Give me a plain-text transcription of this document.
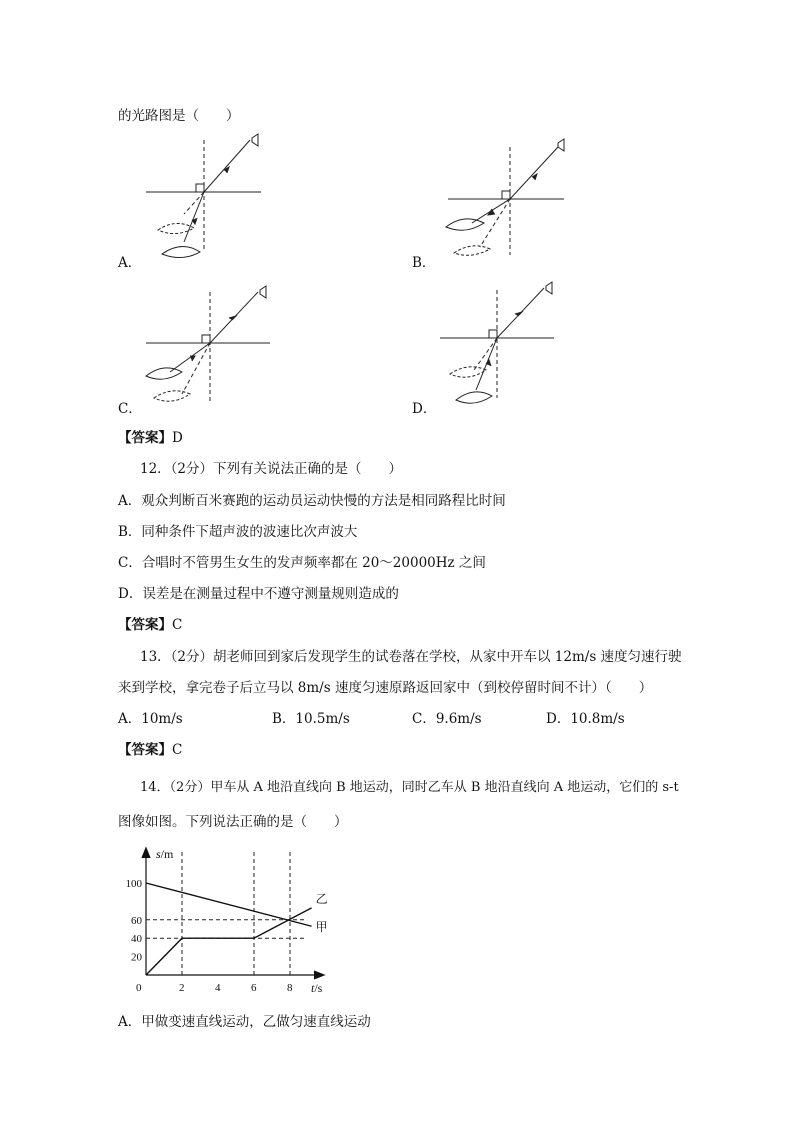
的光路图是（　　）
A．	B．
C．	D．
【答案】D
12．（2分）下列有关说法正确的是（　　）
A．观众判断百米赛跑的运动员运动快慢的方法是相同路程比时间
B．同种条件下超声波的波速比次声波大
C．合唱时不管男生女生的发声频率都在 20～20000Hz 之间
D．误差是在测量过程中不遵守测量规则造成的
【答案】C
13．（2分）胡老师回到家后发现学生的试卷落在学校，从家中开车以 12m/s 速度匀速行驶
来到学校，拿完卷子后立马以 8m/s 速度匀速原路返回家中（到校停留时间不计）（　　）
A．10m/s	B．10.5m/s	C．9.6m/s	D．10.8m/s
【答案】C
14．（2分）甲车从 A 地沿直线向 B 地运动，同时乙车从 B 地沿直线向 A 地运动，它们的 s-t
图像如图。下列说法正确的是（　　）
甲
乙
0	2	4	6	8
20
40
60
100
s/m
t/s
A．甲做变速直线运动，乙做匀速直线运动
